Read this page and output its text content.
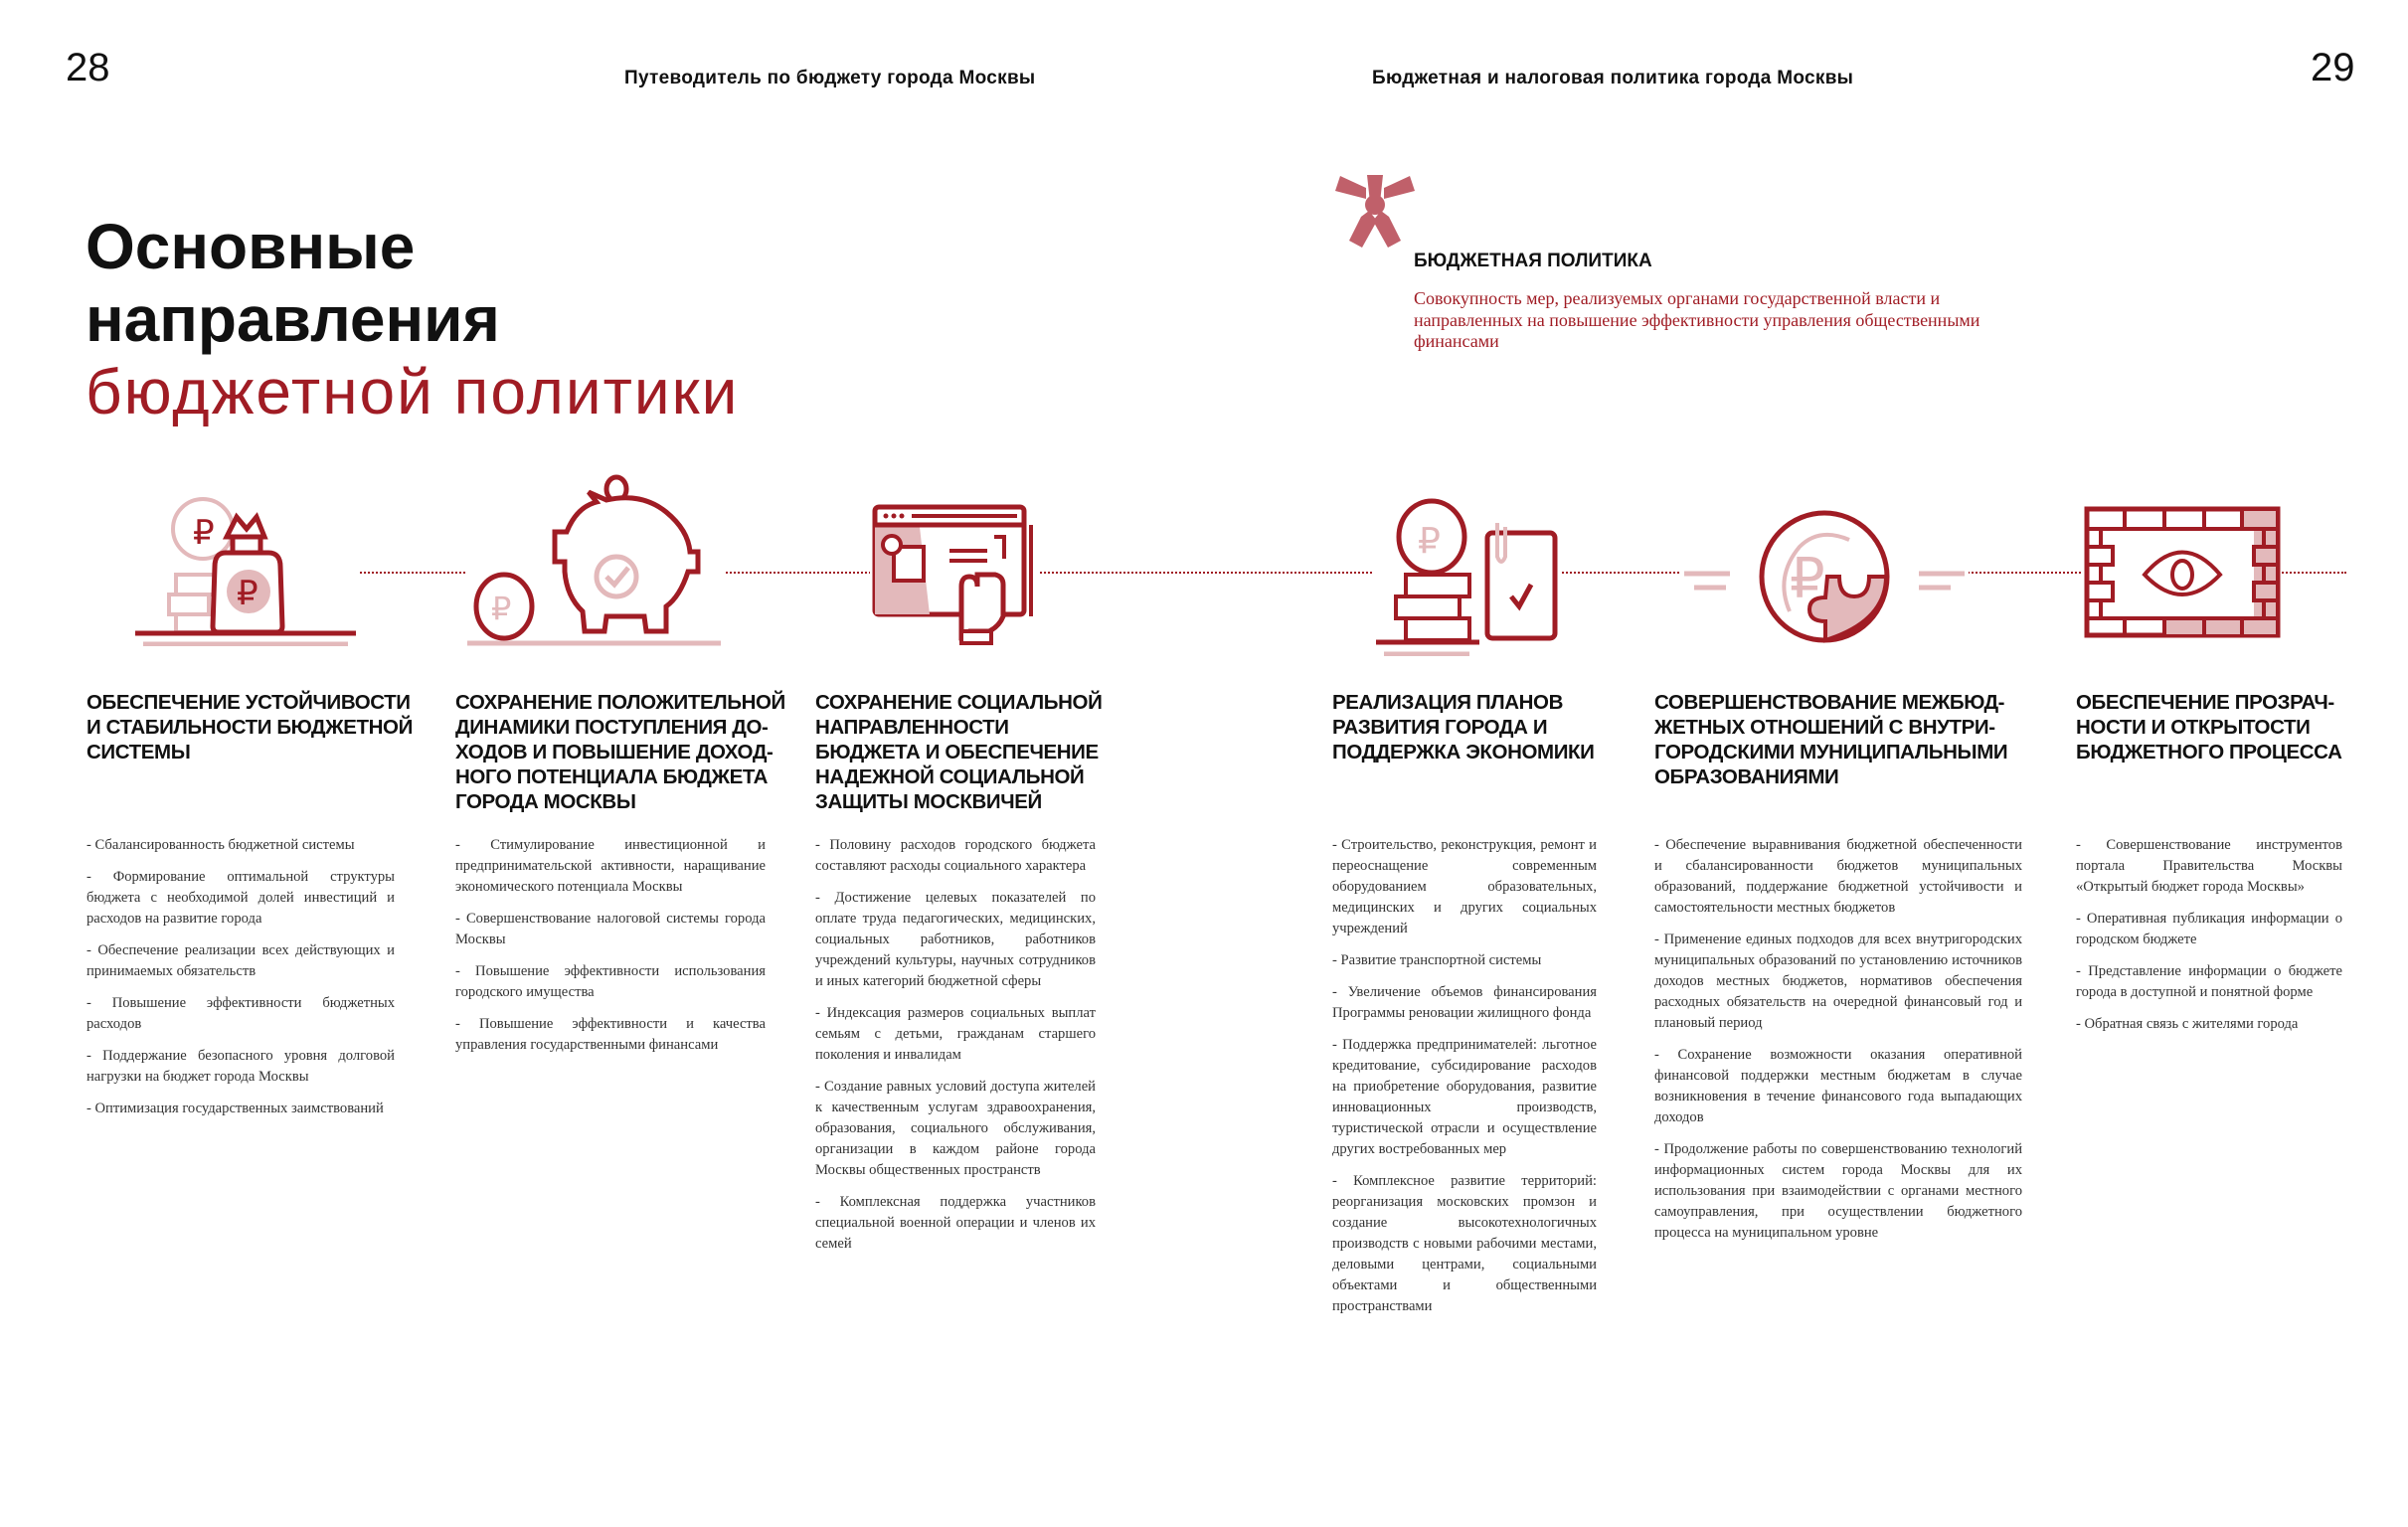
28	29
Путеводитель по бюджету города Москвы	Бюджетная и налоговая политика города Москвы
Основные
направления
бюджетной политики
БЮДЖЕТНАЯ ПОЛИТИКА
Совокупность мер, реализуемых органами государственной власти и направленных на повышение эффективности управления общественными финансами
₽
₽	₽
₽
₽
ОБЕСПЕЧЕНИЕ УСТОЙЧИВОСТИ
И СТАБИЛЬНОСТИ БЮДЖЕТНОЙ
СИСТЕМЫ
- Сбалансированность бюджетной системы
- Формирование оптимальной структуры бюджета с необходимой долей инвестиций и расходов на развитие города
- Обеспечение реализации всех действующих и принимаемых обязательств
- Повышение эффективности бюджетных расходов
- Поддержание безопасного уровня долговой нагрузки на бюджет города Москвы
- Оптимизация государственных заимствований
СОХРАНЕНИЕ ПОЛОЖИТЕЛЬНОЙ
ДИНАМИКИ ПОСТУПЛЕНИЯ ДО-
ХОДОВ И ПОВЫШЕНИЕ ДОХОД-
НОГО ПОТЕНЦИАЛА БЮДЖЕТА
ГОРОДА МОСКВЫ
- Стимулирование инвестиционной и предпринимательской активности, наращивание экономического потенциала Москвы
- Совершенствование налоговой системы города Москвы
- Повышение эффективности использования городского имущества
- Повышение эффективности и качества управления государственными финансами
СОХРАНЕНИЕ СОЦИАЛЬНОЙ
НАПРАВЛЕННОСТИ
БЮДЖЕТА И ОБЕСПЕЧЕНИЕ
НАДЕЖНОЙ СОЦИАЛЬНОЙ
ЗАЩИТЫ МОСКВИЧЕЙ
- Половину расходов городского бюджета составляют расходы социального характера
- Достижение целевых показателей по оплате труда педагогических, медицинских, социальных работников, работников учреждений культуры, научных сотрудников и иных категорий бюджетной сферы
- Индексация размеров социальных выплат семьям с детьми, гражданам старшего поколения и инвалидам
- Создание равных условий доступа жителей к качественным услугам здравоохранения, образования, социального обслуживания, организации в каждом районе города Москвы общественных пространств
- Комплексная поддержка участников специальной военной операции и членов их семей
РЕАЛИЗАЦИЯ ПЛАНОВ
РАЗВИТИЯ ГОРОДА И
ПОДДЕРЖКА ЭКОНОМИКИ
- Строительство, реконструкция, ремонт и переоснащение современным оборудованием образовательных, медицинских и других социальных учреждений
- Развитие транспортной системы
- Увеличение объемов финансирования Программы реновации жилищного фонда
- Поддержка предпринимателей: льготное кредитование, субсидирование расходов на приобретение оборудования, развитие инновационных производств, туристической отрасли и осуществление других востребованных мер
- Комплексное развитие территорий: реорганизация московских промзон и создание высокотехнологичных производств с новыми рабочими местами, деловыми центрами, социальными объектами и общественными пространствами
СОВЕРШЕНСТВОВАНИЕ МЕЖБЮД-
ЖЕТНЫХ ОТНОШЕНИЙ С ВНУТРИ-
ГОРОДСКИМИ МУНИЦИПАЛЬНЫМИ
ОБРАЗОВАНИЯМИ
- Обеспечение выравнивания бюджетной обеспеченности и сбалансированности бюджетов муниципальных образований, поддержание бюджетной устойчивости и самостоятельности местных бюджетов
- Применение единых подходов для всех внутригородских муниципальных образований по установлению источников доходов местных бюджетов, нормативов обеспечения расходных обязательств на очередной финансовый год и плановый период
- Сохранение возможности оказания оперативной финансовой поддержки местным бюджетам в случае возникновения в течение финансового года выпадающих доходов
- Продолжение работы по совершенствованию технологий информационных систем города Москвы для их использования при взаимодействии с органами местного самоуправления, при осуществлении бюджетного процесса на муниципальном уровне
ОБЕСПЕЧЕНИЕ ПРОЗРАЧ-
НОСТИ И ОТКРЫТОСТИ
БЮДЖЕТНОГО ПРОЦЕССА
- Совершенствование инструментов портала Правительства Москвы «Открытый бюджет города Москвы»
- Оперативная публикация информации о городском бюджете
- Представление информации о бюджете города в доступной и понятной форме
- Обратная связь с жителями города
